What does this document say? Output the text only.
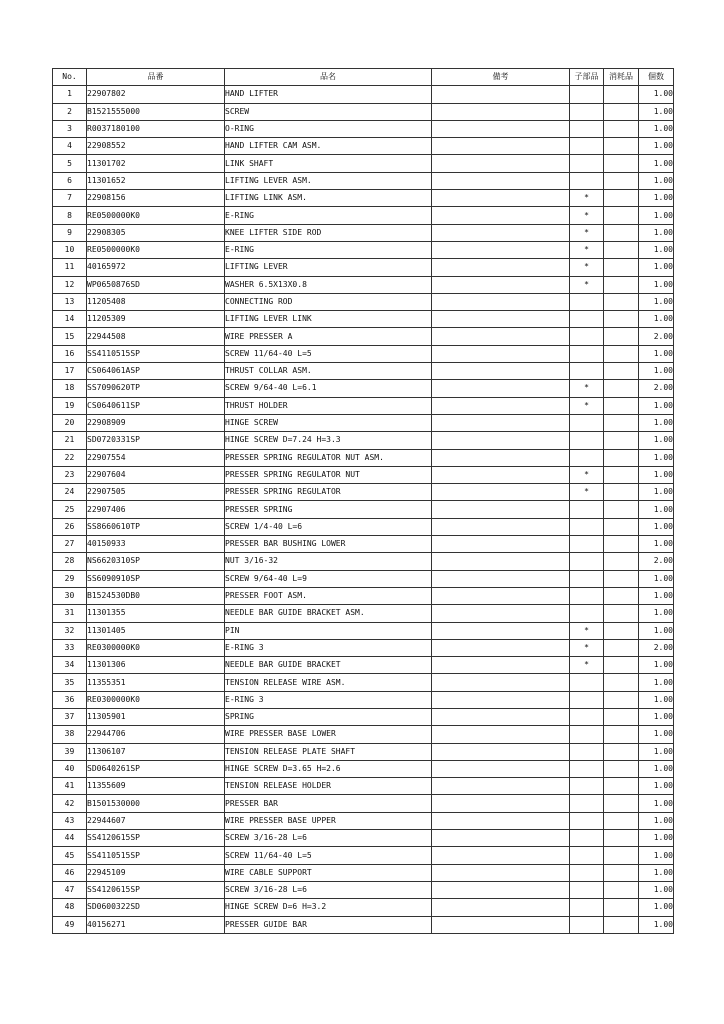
No.	品番	品名	備考	子部品	消耗品	個数
1	22907802	HAND LIFTER				1.00
2	B1521555000	SCREW				1.00
3	R0037180100	O-RING				1.00
4	22908552	HAND LIFTER CAM ASM.				1.00
5	11301702	LINK SHAFT				1.00
6	11301652	LIFTING LEVER ASM.				1.00
7	22908156	LIFTING LINK ASM.		*		1.00
8	RE0500000K0	E-RING		*		1.00
9	22908305	KNEE LIFTER SIDE ROD		*		1.00
10	RE0500000K0	E-RING		*		1.00
11	40165972	LIFTING LEVER		*		1.00
12	WP0650876SD	WASHER 6.5X13X0.8		*		1.00
13	11205408	CONNECTING ROD				1.00
14	11205309	LIFTING LEVER LINK				1.00
15	22944508	WIRE PRESSER A				2.00
16	SS4110515SP	SCREW 11/64-40 L=5				1.00
17	CS064061ASP	THRUST COLLAR ASM.				1.00
18	SS7090620TP	SCREW 9/64-40 L=6.1		*		2.00
19	CS0640611SP	THRUST HOLDER		*		1.00
20	22908909	HINGE SCREW				1.00
21	SD0720331SP	HINGE SCREW D=7.24 H=3.3				1.00
22	22907554	PRESSER SPRING REGULATOR NUT ASM.				1.00
23	22907604	PRESSER SPRING REGULATOR NUT		*		1.00
24	22907505	PRESSER SPRING REGULATOR		*		1.00
25	22907406	PRESSER SPRING				1.00
26	SS8660610TP	SCREW 1/4-40 L=6				1.00
27	40150933	PRESSER BAR BUSHING LOWER				1.00
28	NS6620310SP	NUT 3/16-32				2.00
29	SS6090910SP	SCREW 9/64-40 L=9				1.00
30	B1524530DB0	PRESSER FOOT ASM.				1.00
31	11301355	NEEDLE BAR GUIDE BRACKET ASM.				1.00
32	11301405	PIN		*		1.00
33	RE0300000K0	E-RING 3		*		2.00
34	11301306	NEEDLE BAR GUIDE BRACKET		*		1.00
35	11355351	TENSION RELEASE WIRE ASM.				1.00
36	RE0300000K0	E-RING 3				1.00
37	11305901	SPRING				1.00
38	22944706	WIRE PRESSER BASE LOWER				1.00
39	11306107	TENSION RELEASE PLATE SHAFT				1.00
40	SD0640261SP	HINGE SCREW D=3.65 H=2.6				1.00
41	11355609	TENSION RELEASE HOLDER				1.00
42	B1501530000	PRESSER BAR				1.00
43	22944607	WIRE PRESSER BASE UPPER				1.00
44	SS4120615SP	SCREW 3/16-28 L=6				1.00
45	SS4110515SP	SCREW 11/64-40 L=5				1.00
46	22945109	WIRE CABLE SUPPORT				1.00
47	SS4120615SP	SCREW 3/16-28 L=6				1.00
48	SD0600322SD	HINGE SCREW D=6 H=3.2				1.00
49	40156271	PRESSER GUIDE BAR				1.00
